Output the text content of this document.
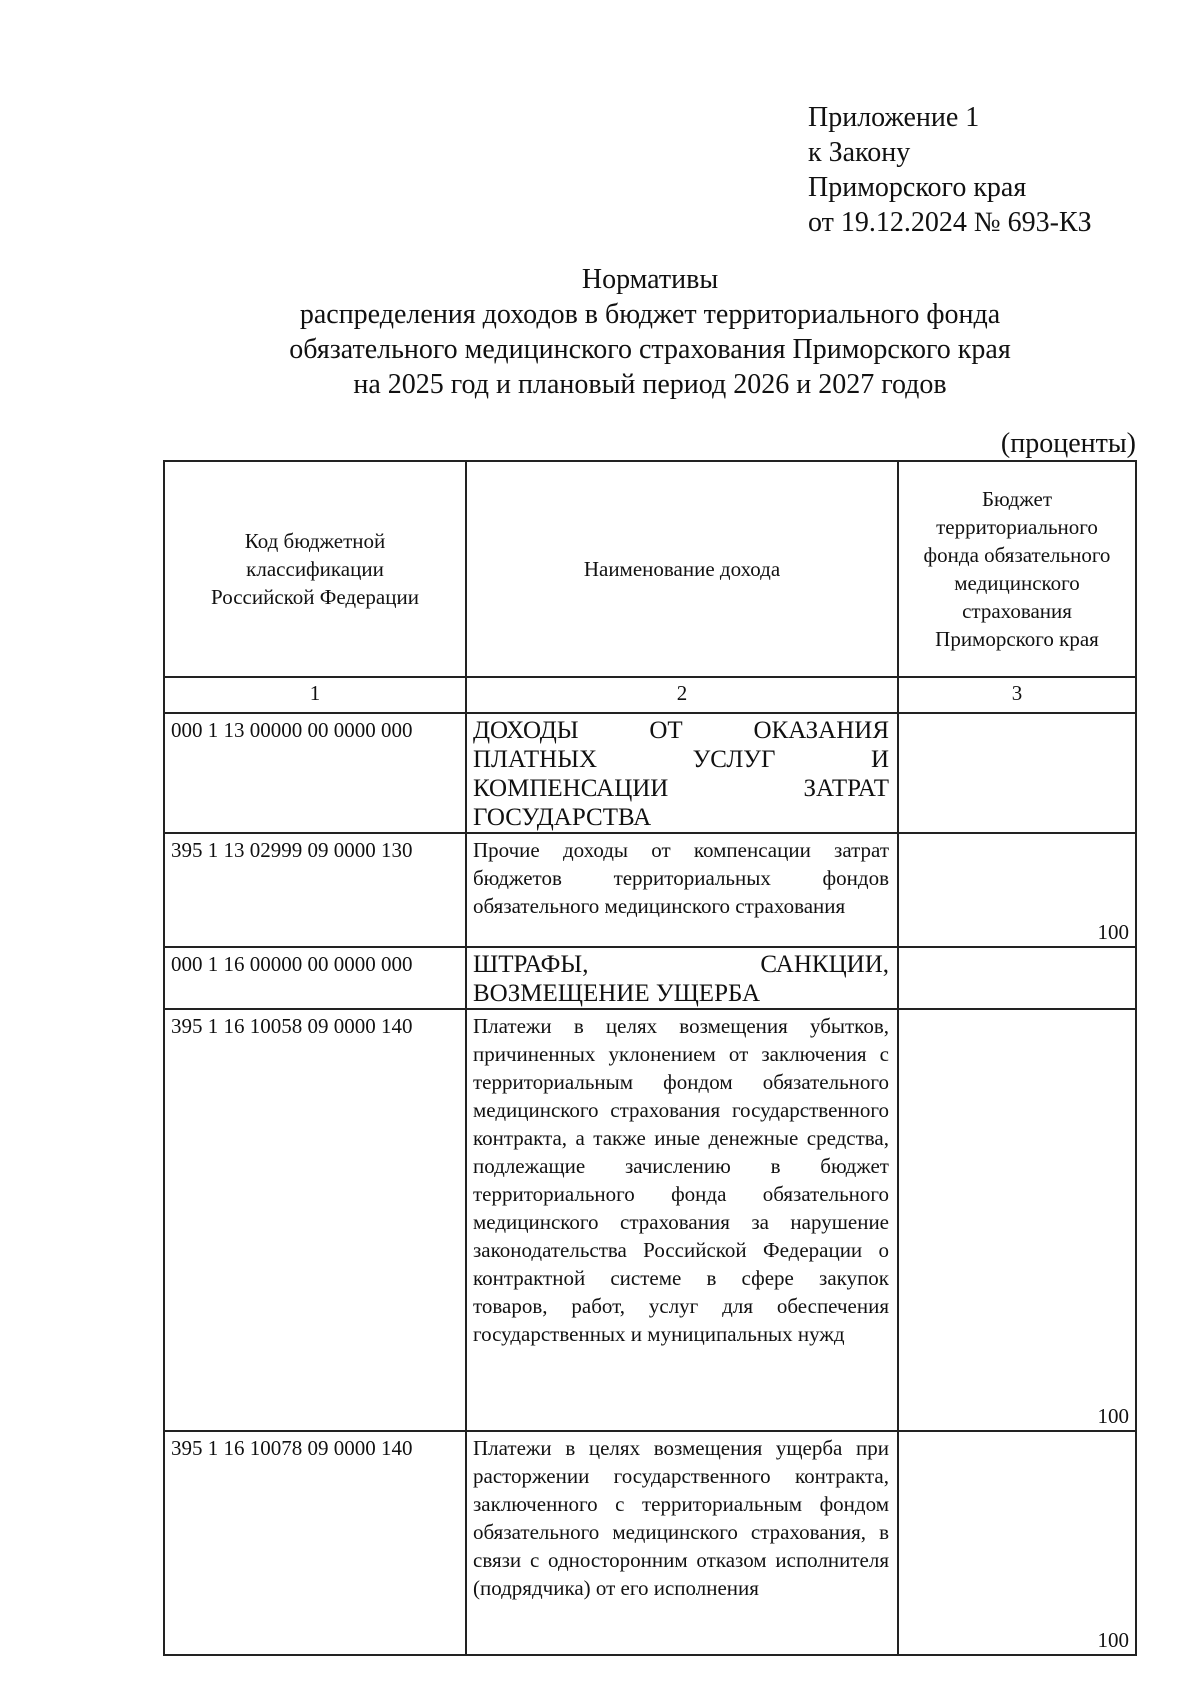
Приложение 1
к Закону
Приморского края
от 19.12.2024 № 693-КЗ
Нормативы
распределения доходов в бюджет территориального фонда
обязательного медицинского страхования Приморского края
на 2025 год и плановый период 2026 и 2027 годов
(проценты)
Код бюджетной классификации Российской Федерации	Наименование дохода	Бюджет территориального фонда обязательного медицинского страхования Приморского края

1	2	3
000 1 13 00000 00 0000 000	ДОХОДЫ ОТ ОКАЗАНИЯ ПЛАТНЫХ УСЛУГ И КОМПЕНСАЦИИ ЗАТРАТ ГОСУДАРСТВА	
395 1 13 02999 09 0000 130	Прочие доходы от компенсации затрат бюджетов территориальных фондов обязательного медицинского страхования	100
000 1 16 00000 00 0000 000	ШТРАФЫ, САНКЦИИ, ВОЗМЕЩЕНИЕ УЩЕРБА	
395 1 16 10058 09 0000 140	Платежи в целях возмещения убытков, причиненных уклонением от заключения с территориальным фондом обязательного медицинского страхования государственного контракта, а также иные денежные средства, подлежащие зачислению в бюджет территориального фонда обязательного медицинского страхования за нарушение законодательства Российской Федерации о контрактной системе в сфере закупок товаров, работ, услуг для обеспечения государственных и муниципальных нужд	100
395 1 16 10078 09 0000 140	Платежи в целях возмещения ущерба при расторжении государственного контракта, заключенного с территориальным фондом обязательного медицинского страхования, в связи с односторонним отказом исполнителя (подрядчика) от его исполнения	100
